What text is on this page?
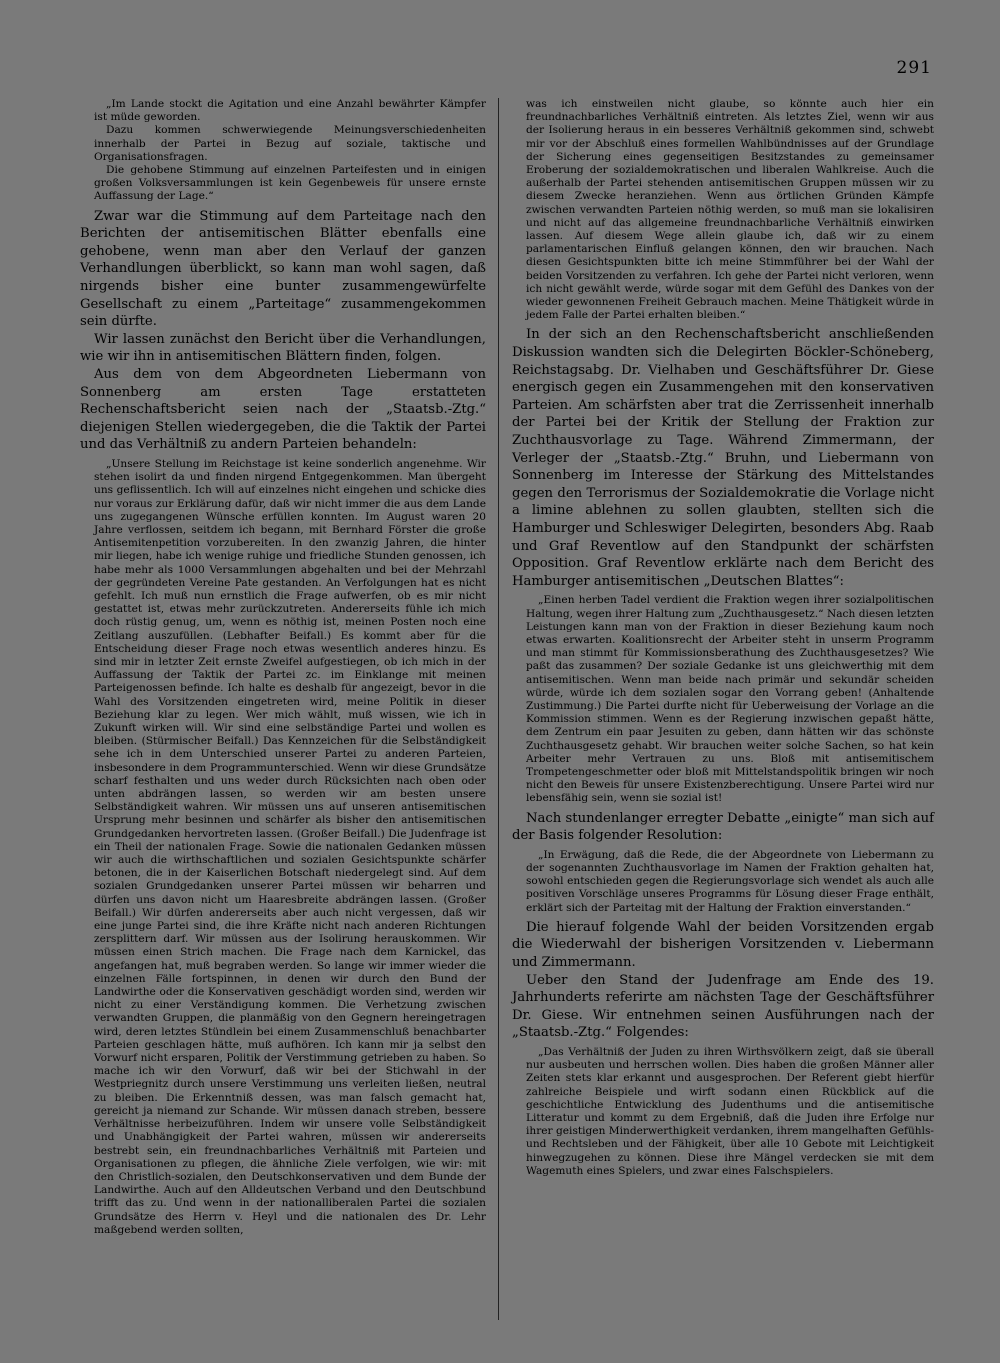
291

„Im Lande stockt die Agitation und eine Anzahl bewährter Kämpfer ist müde geworden.

Dazu kommen schwerwiegende Meinungsverschiedenheiten innerhalb der Partei in Bezug auf soziale, taktische und Organisationsfragen.

Die gehobene Stimmung auf einzelnen Parteifesten und in einigen großen Volksversammlungen ist kein Gegenbeweis für unsere ernste Auffassung der Lage.“

Zwar war die Stimmung auf dem Parteitage nach den Berichten der antisemitischen Blätter ebenfalls eine gehobene, wenn man aber den Verlauf der ganzen Verhandlungen überblickt, so kann man wohl sagen, daß nirgends bisher eine bunter zusammengewürfelte Gesellschaft zu einem „Parteitage“ zusammengekommen sein dürfte.

Wir lassen zunächst den Bericht über die Verhandlungen, wie wir ihn in antisemitischen Blättern finden, folgen.

Aus dem von dem Abgeordneten Liebermann von Sonnenberg am ersten Tage erstatteten Rechenschaftsbericht seien nach der „Staatsb.-Ztg.“ diejenigen Stellen wiedergegeben, die die Taktik der Partei und das Verhältniß zu andern Parteien behandeln:

„Unsere Stellung im Reichstage ist keine sonderlich angenehme. Wir stehen isolirt da und finden nirgend Entgegenkommen. Man übergeht uns geflissentlich. Ich will auf einzelnes nicht eingehen und schicke dies nur voraus zur Erklärung dafür, daß wir nicht immer die aus dem Lande uns zugegangenen Wünsche erfüllen konnten. Im August waren 20 Jahre verflossen, seitdem ich begann, mit Bernhard Förster die große Antisemitenpetition vorzubereiten. In den zwanzig Jahren, die hinter mir liegen, habe ich wenige ruhige und friedliche Stunden genossen, ich habe mehr als 1000 Versammlungen abgehalten und bei der Mehrzahl der gegründeten Vereine Pate gestanden. An Verfolgungen hat es nicht gefehlt. Ich muß nun ernstlich die Frage aufwerfen, ob es mir nicht gestattet ist, etwas mehr zurückzutreten. Andererseits fühle ich mich doch rüstig genug, um, wenn es nöthig ist, meinen Posten noch eine Zeitlang auszufüllen. (Lebhafter Beifall.) Es kommt aber für die Entscheidung dieser Frage noch etwas wesentlich anderes hinzu. Es sind mir in letzter Zeit ernste Zweifel aufgestiegen, ob ich mich in der Auffassung der Taktik der Partei zc. im Einklange mit meinen Parteigenossen befinde. Ich halte es deshalb für angezeigt, bevor in die Wahl des Vorsitzenden eingetreten wird, meine Politik in dieser Beziehung klar zu legen. Wer mich wählt, muß wissen, wie ich in Zukunft wirken will. Wir sind eine selbständige Partei und wollen es bleiben. (Stürmischer Beifall.) Das Kennzeichen für die Selbständigkeit sehe ich in dem Unterschied unserer Partei zu anderen Parteien, insbesondere in dem Programmunterschied. Wenn wir diese Grundsätze scharf festhalten und uns weder durch Rücksichten nach oben oder unten abdrängen lassen, so werden wir am besten unsere Selbständigkeit wahren. Wir müssen uns auf unseren antisemitischen Ursprung mehr besinnen und schärfer als bisher den antisemitischen Grundgedanken hervortreten lassen. (Großer Beifall.) Die Judenfrage ist ein Theil der nationalen Frage. Sowie die nationalen Gedanken müssen wir auch die wirthschaftlichen und sozialen Gesichtspunkte schärfer betonen, die in der Kaiserlichen Botschaft niedergelegt sind. Auf dem sozialen Grundgedanken unserer Partei müssen wir beharren und dürfen uns davon nicht um Haaresbreite abdrängen lassen. (Großer Beifall.) Wir dürfen andererseits aber auch nicht vergessen, daß wir eine junge Partei sind, die ihre Kräfte nicht nach anderen Richtungen zersplittern darf. Wir müssen aus der Isolirung herauskommen. Wir müssen einen Strich machen. Die Frage nach dem Karnickel, das angefangen hat, muß begraben werden. So lange wir immer wieder die einzelnen Fälle fortspinnen, in denen wir durch den Bund der Landwirthe oder die Konservativen geschädigt worden sind, werden wir nicht zu einer Verständigung kommen. Die Verhetzung zwischen verwandten Gruppen, die planmäßig von den Gegnern hereingetragen wird, deren letztes Stündlein bei einem Zusammenschluß benachbarter Parteien geschlagen hätte, muß aufhören. Ich kann mir ja selbst den Vorwurf nicht ersparen, Politik der Verstimmung getrieben zu haben. So mache ich wir den Vorwurf, daß wir bei der Stichwahl in der Westpriegnitz durch unsere Verstimmung uns verleiten ließen, neutral zu bleiben. Die Erkenntniß dessen, was man falsch gemacht hat, gereicht ja niemand zur Schande. Wir müssen danach streben, bessere Verhältnisse herbeizuführen. Indem wir unsere volle Selbständigkeit und Unabhängigkeit der Partei wahren, müssen wir andererseits bestrebt sein, ein freundnachbarliches Verhältniß mit Parteien und Organisationen zu pflegen, die ähnliche Ziele verfolgen, wie wir: mit den Christlich-sozialen, den Deutschkonservativen und dem Bunde der Landwirthe. Auch auf den Alldeutschen Verband und den Deutschbund trifft das zu. Und wenn in der nationalliberalen Partei die sozialen Grundsätze des Herrn v. Heyl und die nationalen des Dr. Lehr maßgebend werden sollten,

was ich einstweilen nicht glaube, so könnte auch hier ein freundnachbarliches Verhältniß eintreten. Als letztes Ziel, wenn wir aus der Isolierung heraus in ein besseres Verhältniß gekommen sind, schwebt mir vor der Abschluß eines formellen Wahlbündnisses auf der Grundlage der Sicherung eines gegenseitigen Besitzstandes zu gemeinsamer Eroberung der sozialdemokratischen und liberalen Wahlkreise. Auch die außerhalb der Partei stehenden antisemitischen Gruppen müssen wir zu diesem Zwecke heranziehen. Wenn aus örtlichen Gründen Kämpfe zwischen verwandten Parteien nöthig werden, so muß man sie lokalisiren und nicht auf das allgemeine freundnachbarliche Verhältniß einwirken lassen. Auf diesem Wege allein glaube ich, daß wir zu einem parlamentarischen Einfluß gelangen können, den wir brauchen. Nach diesen Gesichtspunkten bitte ich meine Stimmführer bei der Wahl der beiden Vorsitzenden zu verfahren. Ich gehe der Partei nicht verloren, wenn ich nicht gewählt werde, würde sogar mit dem Gefühl des Dankes von der wieder gewonnenen Freiheit Gebrauch machen. Meine Thätigkeit würde in jedem Falle der Partei erhalten bleiben.“

In der sich an den Rechenschaftsbericht anschließenden Diskussion wandten sich die Delegirten Böckler-Schöneberg, Reichstagsabg. Dr. Vielhaben und Geschäftsführer Dr. Giese energisch gegen ein Zusammengehen mit den konservativen Parteien. Am schärfsten aber trat die Zerrissenheit innerhalb der Partei bei der Kritik der Stellung der Fraktion zur Zuchthausvorlage zu Tage. Während Zimmermann, der Verleger der „Staatsb.-Ztg.“ Bruhn, und Liebermann von Sonnenberg im Interesse der Stärkung des Mittelstandes gegen den Terrorismus der Sozialdemokratie die Vorlage nicht a limine ablehnen zu sollen glaubten, stellten sich die Hamburger und Schleswiger Delegirten, besonders Abg. Raab und Graf Reventlow auf den Standpunkt der schärfsten Opposition. Graf Reventlow erklärte nach dem Bericht des Hamburger antisemitischen „Deutschen Blattes“:

„Einen herben Tadel verdient die Fraktion wegen ihrer sozialpolitischen Haltung, wegen ihrer Haltung zum „Zuchthausgesetz.“ Nach diesen letzten Leistungen kann man von der Fraktion in dieser Beziehung kaum noch etwas erwarten. Koalitionsrecht der Arbeiter steht in unserm Programm und man stimmt für Kommissionsberathung des Zuchthausgesetzes? Wie paßt das zusammen? Der soziale Gedanke ist uns gleichwerthig mit dem antisemitischen. Wenn man beide nach primär und sekundär scheiden würde, würde ich dem sozialen sogar den Vorrang geben! (Anhaltende Zustimmung.) Die Partei durfte nicht für Ueberweisung der Vorlage an die Kommission stimmen. Wenn es der Regierung inzwischen gepaßt hätte, dem Zentrum ein paar Jesuiten zu geben, dann hätten wir das schönste Zuchthausgesetz gehabt. Wir brauchen weiter solche Sachen, so hat kein Arbeiter mehr Vertrauen zu uns. Bloß mit antisemitischem Trompetengeschmetter oder bloß mit Mittelstandspolitik bringen wir noch nicht den Beweis für unsere Existenzberechtigung. Unsere Partei wird nur lebensfähig sein, wenn sie sozial ist!

Nach stundenlanger erregter Debatte „einigte“ man sich auf der Basis folgender Resolution:

„In Erwägung, daß die Rede, die der Abgeordnete von Liebermann zu der sogenannten Zuchthausvorlage im Namen der Fraktion gehalten hat, sowohl entschieden gegen die Regierungsvorlage sich wendet als auch alle positiven Vorschläge unseres Programms für Lösung dieser Frage enthält, erklärt sich der Parteitag mit der Haltung der Fraktion einverstanden.“

Die hierauf folgende Wahl der beiden Vorsitzenden ergab die Wiederwahl der bisherigen Vorsitzenden v. Liebermann und Zimmermann.

Ueber den Stand der Judenfrage am Ende des 19. Jahrhunderts referirte am nächsten Tage der Geschäftsführer Dr. Giese. Wir entnehmen seinen Ausführungen nach der „Staatsb.-Ztg.“ Folgendes:

„Das Verhältniß der Juden zu ihren Wirthsvölkern zeigt, daß sie überall nur ausbeuten und herrschen wollen. Dies haben die großen Männer aller Zeiten stets klar erkannt und ausgesprochen. Der Referent giebt hierfür zahlreiche Beispiele und wirft sodann einen Rückblick auf die geschichtliche Entwicklung des Judenthums und die antisemitische Litteratur und kommt zu dem Ergebniß, daß die Juden ihre Erfolge nur ihrer geistigen Minderwerthigkeit verdanken, ihrem mangelhaften Gefühls- und Rechtsleben und der Fähigkeit, über alle 10 Gebote mit Leichtigkeit hinwegzugehen zu können. Diese ihre Mängel verdecken sie mit dem Wagemuth eines Spielers, und zwar eines Falschspielers.
